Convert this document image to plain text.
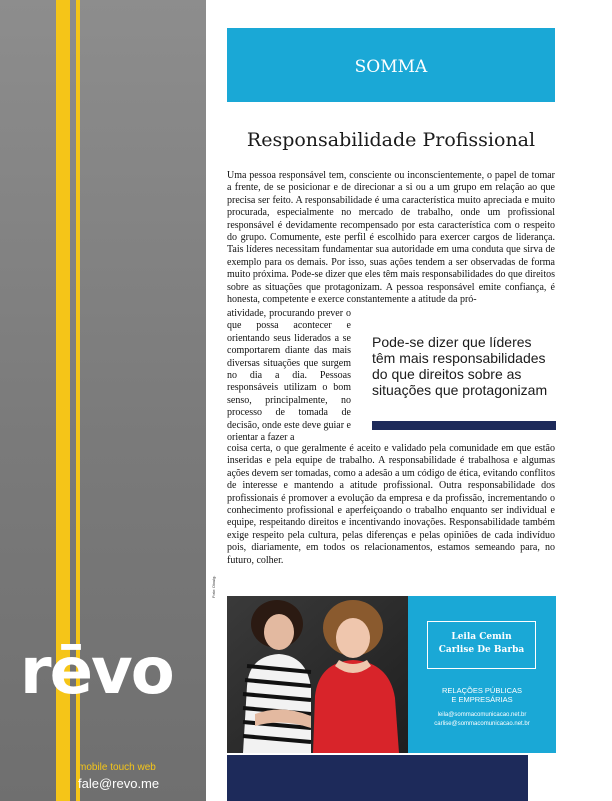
rēvo
mobile touch web
fale@revo.me
SOMMA
Responsabilidade Profissional
Uma pessoa responsável tem, consciente ou inconscientemente, o papel de tomar a frente, de se posicionar e de direcionar a si ou a um grupo em relação ao que precisa ser feito. A responsabilidade é uma característica muito apreciada e muito procurada, especialmente no mercado de trabalho, onde um profissional responsável é devidamente recompensado por esta característica com o respeito do grupo. Comumente, este perfil é escolhido para exercer cargos de liderança. Tais líderes necessitam fundamentar sua autoridade em uma conduta que sirva de exemplo para os demais. Por isso, suas ações tendem a ser observadas de forma muito próxima. Pode-se dizer que eles têm mais responsabilidades do que direitos sobre as situações que protagonizam. A pessoa responsável emite confiança, é honesta, competente e exerce constantemente a atitude da pró-
atividade, procurando prever o que possa acontecer e orientando seus liderados a se comportarem diante das mais diversas situações que surgem no dia a dia. Pessoas responsáveis utilizam o bom senso, principalmente, no processo de tomada de decisão, onde este deve guiar e orientar a fazer a
Pode-se dizer que líderes têm mais responsabilidades do que direitos sobre as situações que protagonizam
coisa certa, o que geralmente é aceito e validado pela comunidade em que estão inseridas e pela equipe de trabalho. A responsabilidade é trabalhosa e algumas ações devem ser tomadas, como a adesão a um código de ética, evitando conflitos de interesse e mantendo a atitude profissional. Outra responsabilidade dos profissionais é promover a evolução da empresa e da profissão, incrementando o conhecimento profissional e aperfeiçoando o trabalho enquanto ser individual e equipe, respeitando direitos e incentivando inovações. Responsabilidade também exige respeito pela cultura, pelas diferenças e pelas opiniões de cada indivíduo pois, diariamente, em todos os relacionamentos, estamos semeando para, no futuro, colher.
Foto: Divulg.
Leila Cemin
Carlise De Barba
RELAÇÕES PÚBLICAS
E EMPRESÁRIAS
leila@sommacomunicacao.net.br
carlise@sommacomunicacao.net.br
